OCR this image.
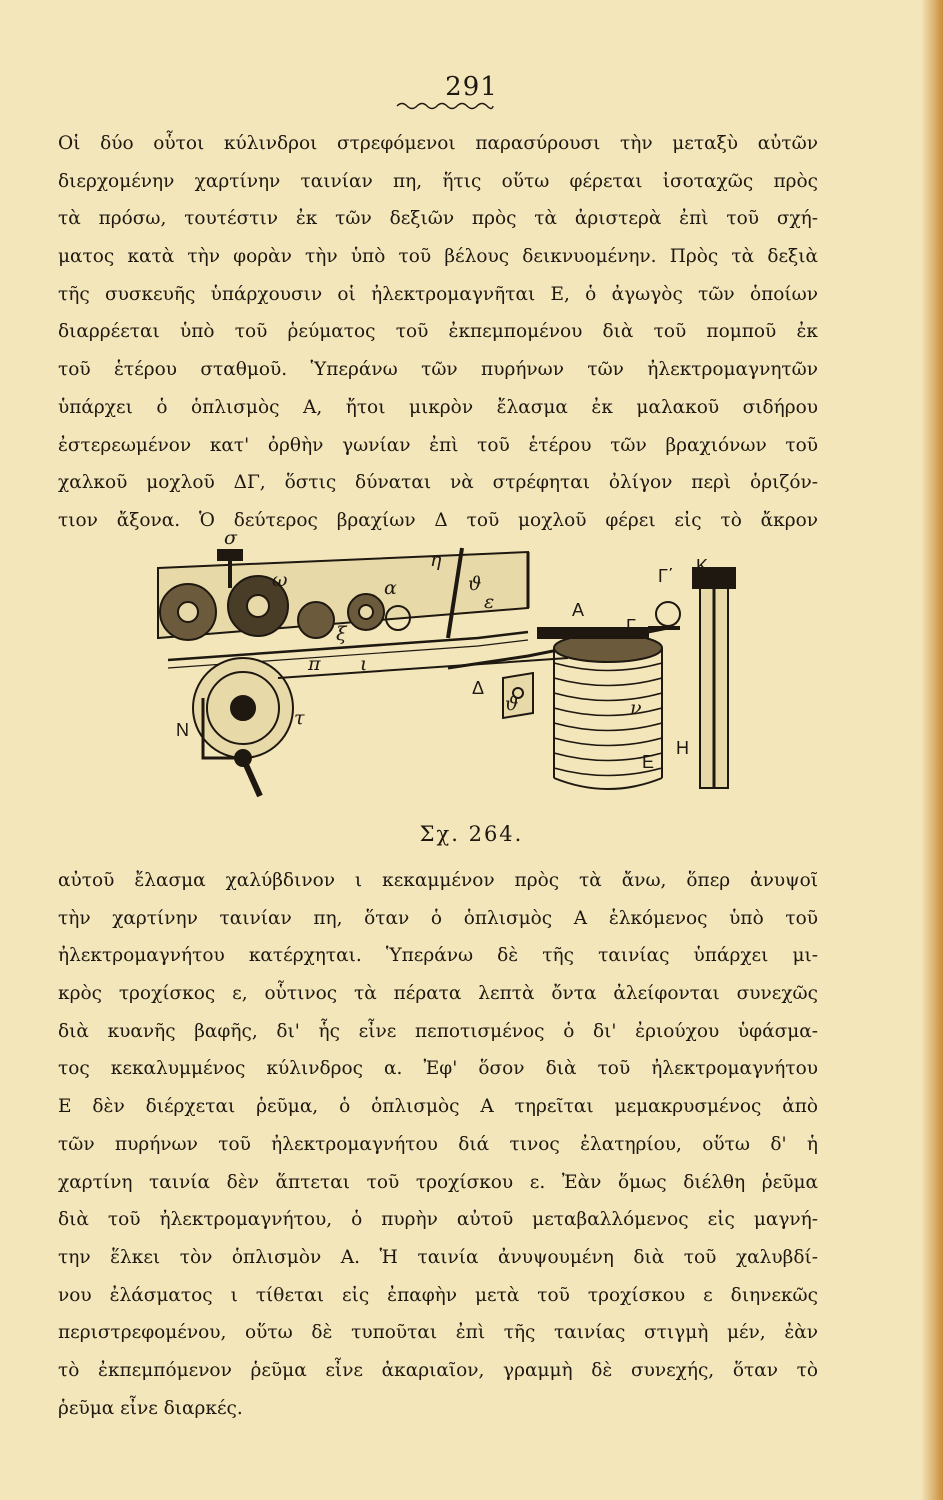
291
Οἱ δύο οὗτοι κύλινδροι στρεφόμενοι παρασύρουσι τὴν μεταξὺ αὐτῶν
διερχομένην χαρτίνην ταινίαν πη, ἥτις οὕτω φέρεται ἰσοταχῶς πρὸς
τὰ πρόσω, τουτέστιν ἐκ τῶν δεξιῶν πρὸς τὰ ἀριστερὰ ἐπὶ τοῦ σχή-
ματος κατὰ τὴν φορὰν τὴν ὑπὸ τοῦ βέλους δεικνυομένην. Πρὸς τὰ δεξιὰ
τῆς συσκευῆς ὑπάρχουσιν οἱ ἠλεκτρομαγνῆται Ε, ὁ ἀγωγὸς τῶν ὁποίων
διαρρέεται ὑπὸ τοῦ ῥεύματος τοῦ ἐκπεμπομένου διὰ τοῦ πομποῦ ἐκ
τοῦ ἑτέρου σταθμοῦ. Ὑπεράνω τῶν πυρήνων τῶν ἠλεκτρομαγνητῶν
ὑπάρχει ὁ ὁπλισμὸς Α, ἤτοι μικρὸν ἔλασμα ἐκ μαλακοῦ σιδήρου
ἐστερεωμένον κατ' ὀρθὴν γωνίαν ἐπὶ τοῦ ἑτέρου τῶν βραχιόνων τοῦ
χαλκοῦ μοχλοῦ ΔΓ, ὅστις δύναται νὰ στρέφηται ὀλίγον περὶ ὁριζόν-
τιον ἄξονα. Ὁ δεύτερος βραχίων Δ τοῦ μοχλοῦ φέρει εἰς τὸ ἄκρον
σ
ω
η
α
ε
ξ
π ι
τ
N
Δ
A
Γ
Γ΄ K
ν
E
H
ϑ
ϑ
Σχ. 264.
αὐτοῦ ἔλασμα χαλύβδινον ι κεκαμμένον πρὸς τὰ ἄνω, ὅπερ ἀνυψοῖ
τὴν χαρτίνην ταινίαν πη, ὅταν ὁ ὁπλισμὸς Α ἑλκόμενος ὑπὸ τοῦ
ἠλεκτρομαγνήτου κατέρχηται. Ὑπεράνω δὲ τῆς ταινίας ὑπάρχει μι-
κρὸς τροχίσκος ε, οὗτινος τὰ πέρατα λεπτὰ ὄντα ἀλείφονται συνεχῶς
διὰ κυανῆς βαφῆς, δι' ἧς εἶνε πεποτισμένος ὁ δι' ἐριούχου ὑφάσμα-
τος κεκαλυμμένος κύλινδρος α. Ἐφ' ὅσον διὰ τοῦ ἠλεκτρομαγνήτου
Ε δὲν διέρχεται ῥεῦμα, ὁ ὁπλισμὸς Α τηρεῖται μεμακρυσμένος ἀπὸ
τῶν πυρήνων τοῦ ἠλεκτρομαγνήτου διά τινος ἐλατηρίου, οὕτω δ' ἡ
χαρτίνη ταινία δὲν ἅπτεται τοῦ τροχίσκου ε. Ἐὰν ὅμως διέλθη ῥεῦμα
διὰ τοῦ ἠλεκτρομαγνήτου, ὁ πυρὴν αὐτοῦ μεταβαλλόμενος εἰς μαγνή-
την ἕλκει τὸν ὁπλισμὸν Α. Ἡ ταινία ἀνυψουμένη διὰ τοῦ χαλυβδί-
νου ἐλάσματος ι τίθεται εἰς ἐπαφὴν μετὰ τοῦ τροχίσκου ε διηνεκῶς
περιστρεφομένου, οὕτω δὲ τυποῦται ἐπὶ τῆς ταινίας στιγμὴ μέν, ἐὰν
τὸ ἐκπεμπόμενον ῥεῦμα εἶνε ἀκαριαῖον, γραμμὴ δὲ συνεχής, ὅταν τὸ
ῥεῦμα εἶνε διαρκές.
